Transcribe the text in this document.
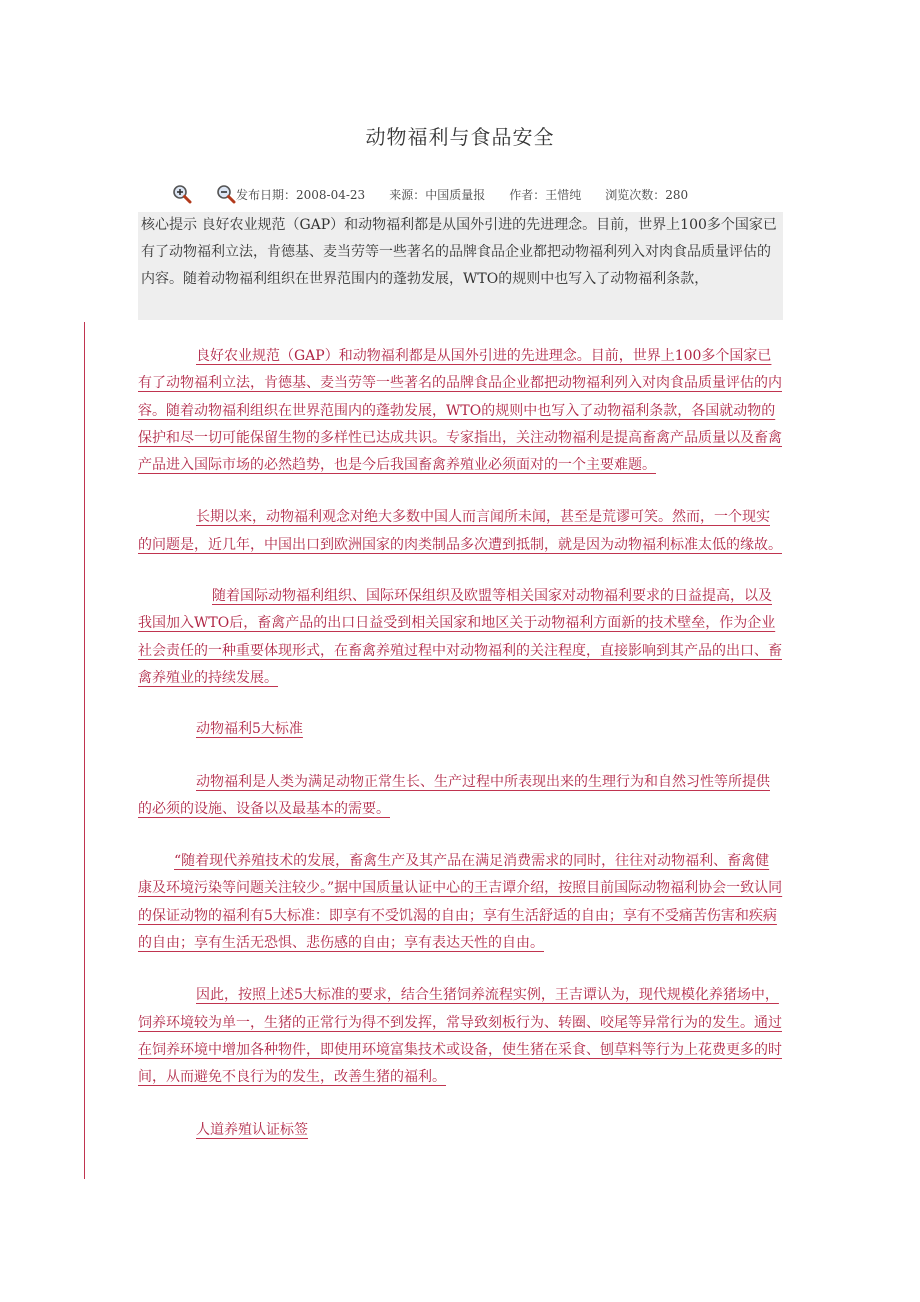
动物福利与食品安全
发布日期：2008-04-23 来源：中国质量报 作者：王惜纯 浏览次数：280
核心提示 良好农业规范（GAP）和动物福利都是从国外引进的先进理念。目前，世界上100多个国家已有了动物福利立法，肯德基、麦当劳等一些著名的品牌食品企业都把动物福利列入对肉食品质量评估的内容。随着动物福利组织在世界范围内的蓬勃发展，WTO的规则中也写入了动物福利条款，

良好农业规范（GAP）和动物福利都是从国外引进的先进理念。目前，世界上100多个国家已有了动物福利立法，肯德基、麦当劳等一些著名的品牌食品企业都把动物福利列入对肉食品质量评估的内容。随着动物福利组织在世界范围内的蓬勃发展，WTO的规则中也写入了动物福利条款，各国就动物的保护和尽一切可能保留生物的多样性已达成共识。专家指出，关注动物福利是提高畜禽产品质量以及畜禽产品进入国际市场的必然趋势，也是今后我国畜禽养殖业必须面对的一个主要难题。

长期以来，动物福利观念对绝大多数中国人而言闻所未闻，甚至是荒谬可笑。然而，一个现实的问题是，近几年，中国出口到欧洲国家的肉类制品多次遭到抵制，就是因为动物福利标准太低的缘故。

随着国际动物福利组织、国际环保组织及欧盟等相关国家对动物福利要求的日益提高，以及我国加入WTO后，畜禽产品的出口日益受到相关国家和地区关于动物福利方面新的技术壁垒，作为企业社会责任的一种重要体现形式，在畜禽养殖过程中对动物福利的关注程度，直接影响到其产品的出口、畜禽养殖业的持续发展。

动物福利5大标准

动物福利是人类为满足动物正常生长、生产过程中所表现出来的生理行为和自然习性等所提供的必须的设施、设备以及最基本的需要。

“随着现代养殖技术的发展，畜禽生产及其产品在满足消费需求的同时，往往对动物福利、畜禽健康及环境污染等问题关注较少。”据中国质量认证中心的王吉谭介绍，按照目前国际动物福利协会一致认同的保证动物的福利有5大标准：即享有不受饥渴的自由；享有生活舒适的自由；享有不受痛苦伤害和疾病的自由；享有生活无恐惧、悲伤感的自由；享有表达天性的自由。

因此，按照上述5大标准的要求，结合生猪饲养流程实例，王吉谭认为，现代规模化养猪场中，饲养环境较为单一，生猪的正常行为得不到发挥，常导致刻板行为、转圈、咬尾等异常行为的发生。通过在饲养环境中增加各种物件，即使用环境富集技术或设备，使生猪在采食、刨草料等行为上花费更多的时间，从而避免不良行为的发生，改善生猪的福利。

人道养殖认证标签
